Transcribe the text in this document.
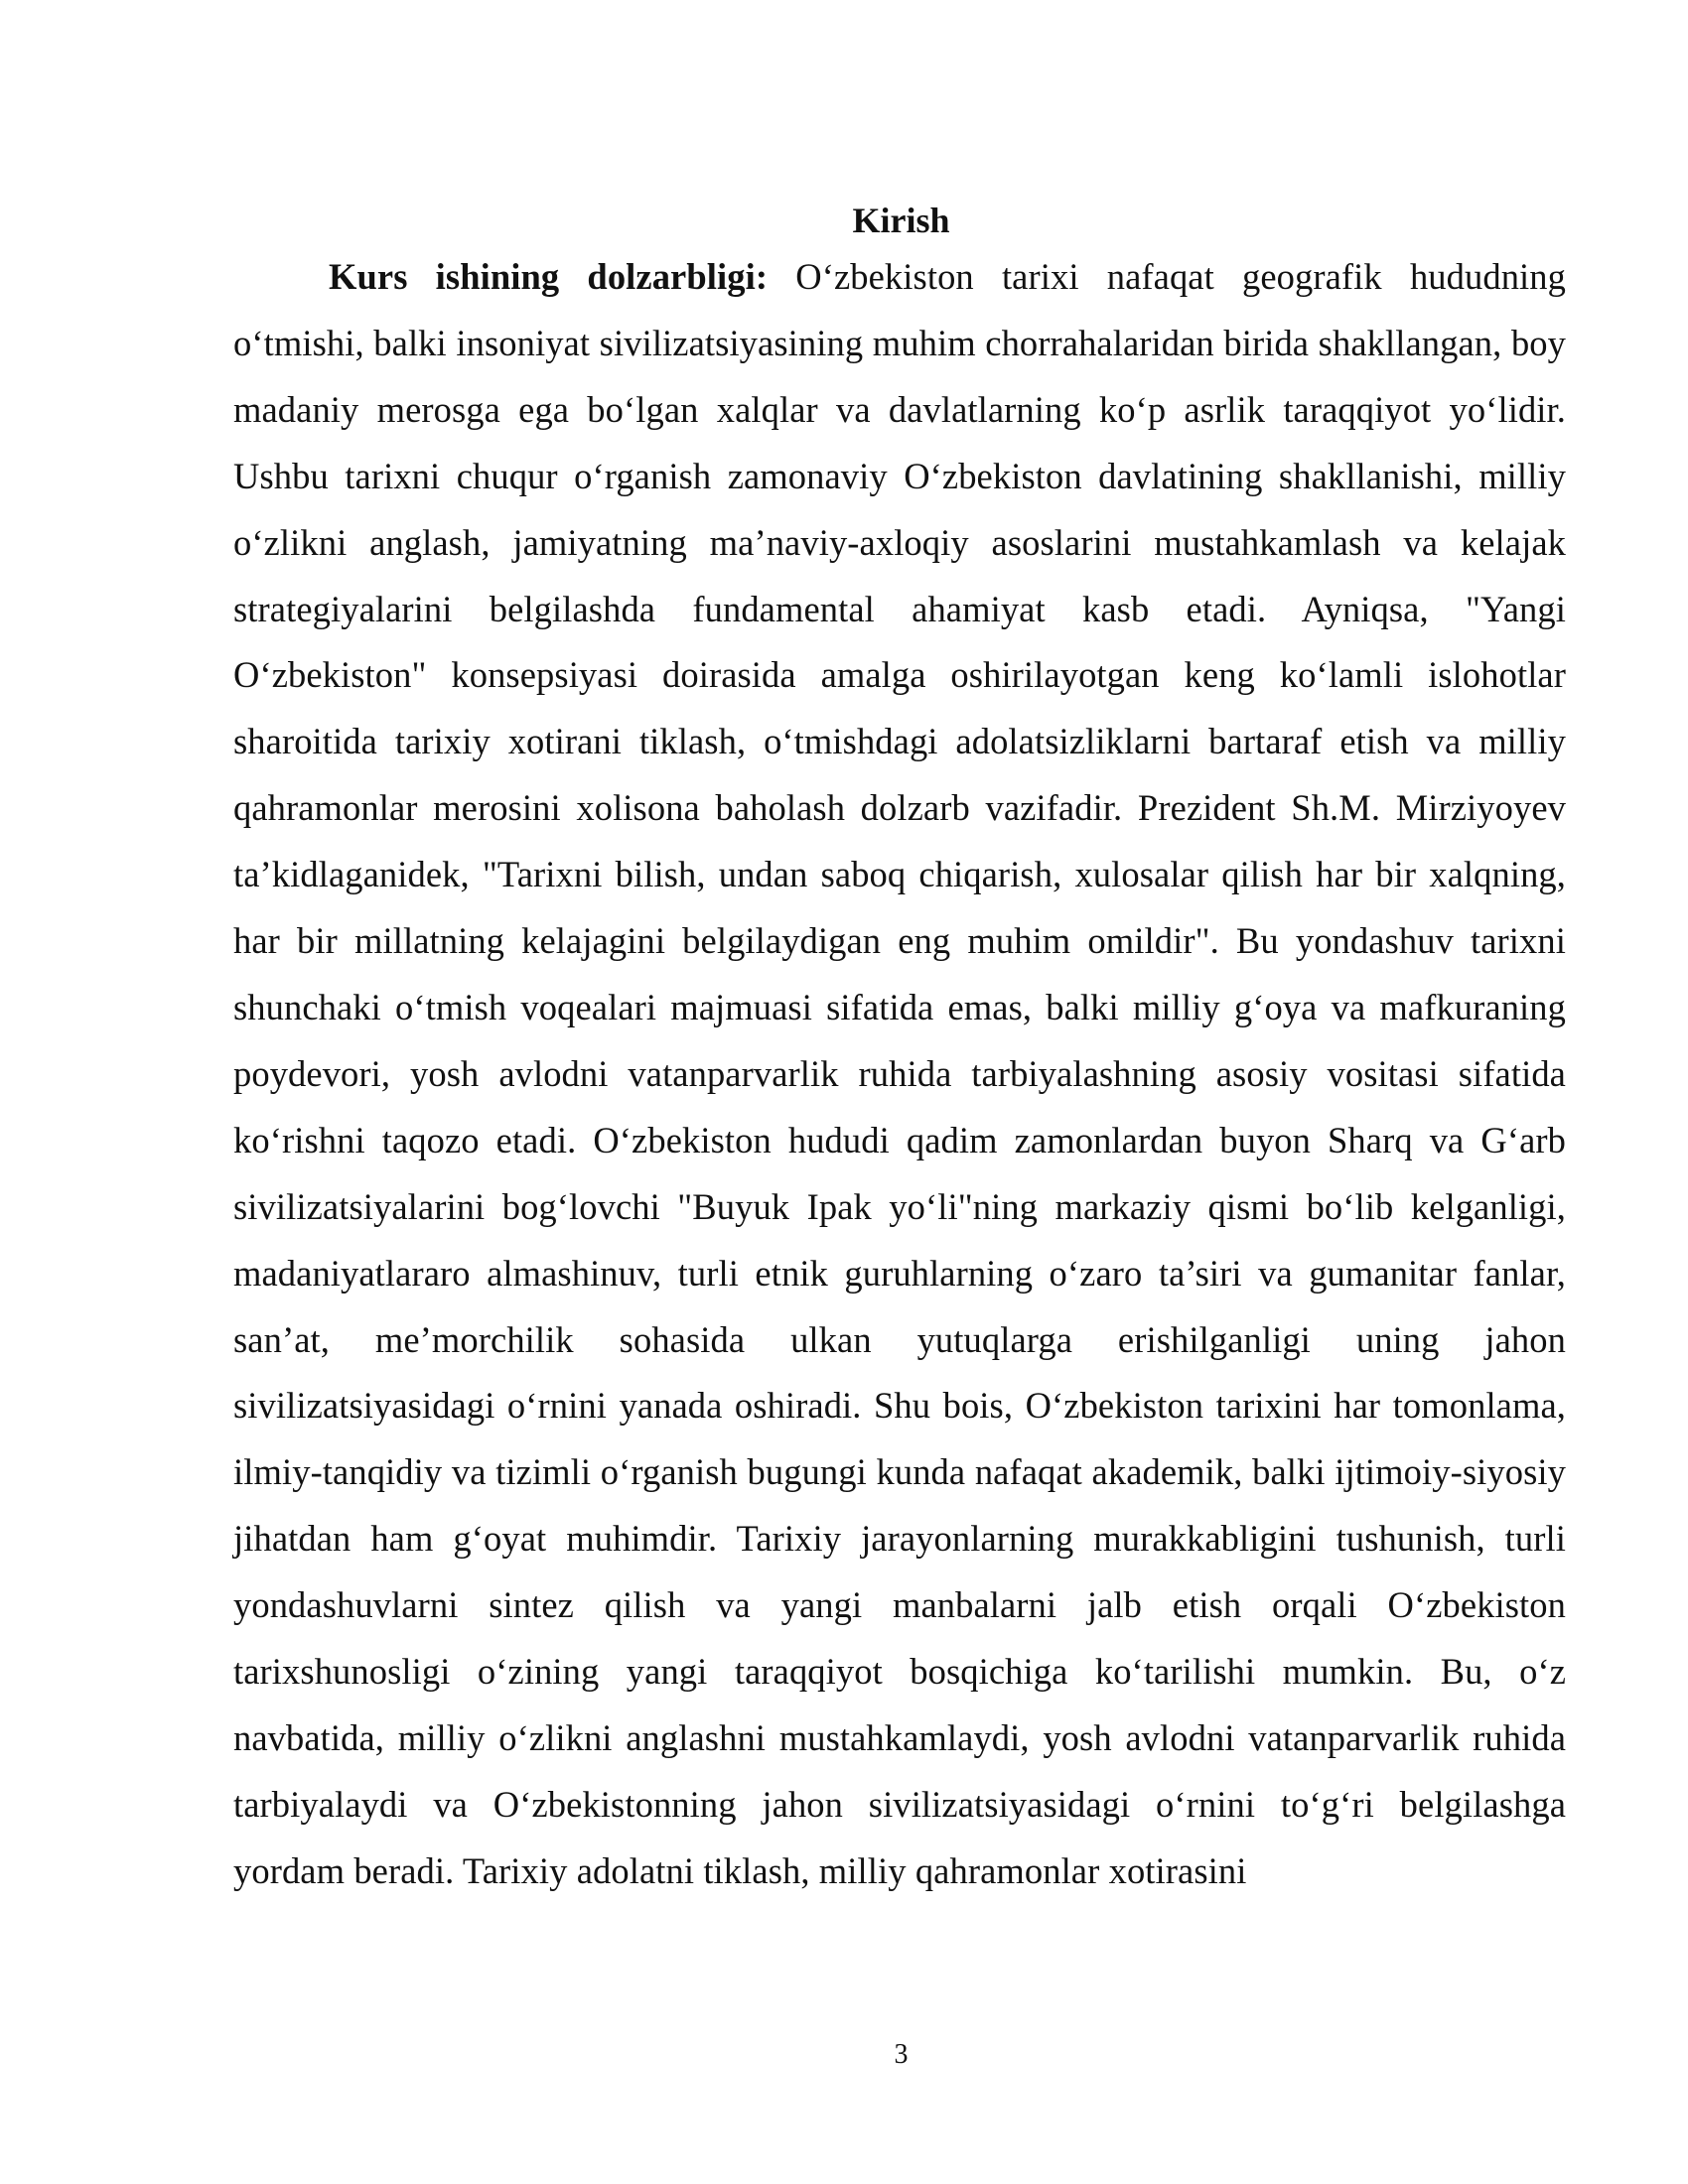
Kirish

Kurs ishining dolzarbligi: O‘zbekiston tarixi nafaqat geografik hududning o‘tmishi, balki insoniyat sivilizatsiyasining muhim chorrahalaridan birida shakllangan, boy madaniy merosga ega bo‘lgan xalqlar va davlatlarning ko‘p asrlik taraqqiyot yo‘lidir. Ushbu tarixni chuqur o‘rganish zamonaviy O‘zbekiston davlatining shakllanishi, milliy o‘zlikni anglash, jamiyatning ma’naviy-axloqiy asoslarini mustahkamlash va kelajak strategiyalarini belgilashda fundamental ahamiyat kasb etadi. Ayniqsa, "Yangi O‘zbekiston" konsepsiyasi doirasida amalga oshirilayotgan keng ko‘lamli islohotlar sharoitida tarixiy xotirani tiklash, o‘tmishdagi adolatsizliklarni bartaraf etish va milliy qahramonlar merosini xolisona baholash dolzarb vazifadir. Prezident Sh.M. Mirziyoyev ta’kidlaganidek, "Tarixni bilish, undan saboq chiqarish, xulosalar qilish har bir xalqning, har bir millatning kelajagini belgilaydigan eng muhim omildir". Bu yondashuv tarixni shunchaki o‘tmish voqealari majmuasi sifatida emas, balki milliy g‘oya va mafkuraning poydevori, yosh avlodni vatanparvarlik ruhida tarbiyalashning asosiy vositasi sifatida ko‘rishni taqozo etadi. O‘zbekiston hududi qadim zamonlardan buyon Sharq va G‘arb sivilizatsiyalarini bog‘lovchi "Buyuk Ipak yo‘li"ning markaziy qismi bo‘lib kelganligi, madaniyatlararo almashinuv, turli etnik guruhlarning o‘zaro ta’siri va gumanitar fanlar, san’at, me’morchilik sohasida ulkan yutuqlarga erishilganligi uning jahon sivilizatsiyasidagi o‘rnini yanada oshiradi. Shu bois, O‘zbekiston tarixini har tomonlama, ilmiy-tanqidiy va tizimli o‘rganish bugungi kunda nafaqat akademik, balki ijtimoiy-siyosiy jihatdan ham g‘oyat muhimdir. Tarixiy jarayonlarning murakkabligini tushunish, turli yondashuvlarni sintez qilish va yangi manbalarni jalb etish orqali O‘zbekiston tarixshunosligi o‘zining yangi taraqqiyot bosqichiga ko‘tarilishi mumkin. Bu, o‘z navbatida, milliy o‘zlikni anglashni mustahkamlaydi, yosh avlodni vatanparvarlik ruhida tarbiyalaydi va O‘zbekistonning jahon sivilizatsiyasidagi o‘rnini to‘g‘ri belgilashga yordam beradi. Tarixiy adolatni tiklash, milliy qahramonlar xotirasini

3
